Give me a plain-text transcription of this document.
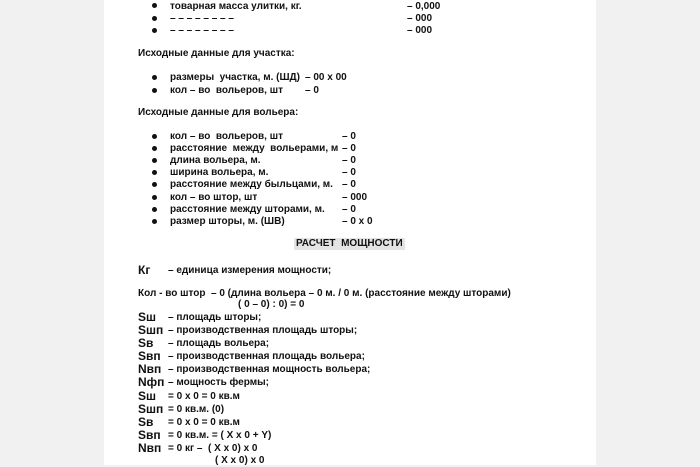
товарная масса улитки, кг.	– 0,000
– – – – – – – –	– 000
– – – – – – – –	– 000
Исходные данные для участка:
размеры  участка, м. (ШД) – 00 х 00
кол – во  вольеров, шт – 0
Исходные данные для вольера:
кол – во  вольеров, шт	– 0
расстояние  между  вольерами, м – 0
длина вольера, м.	– 0
ширина вольера, м.	– 0
расстояние между быльцами, м. – 0
кол – во штор, шт	– 000
расстояние между шторами, м. – 0
размер шторы, м. (ШВ)	– 0 х 0
РАСЧЕТ  МОЩНОСТИ
Кг – единица измерения мощности;
Кол - во штор  – 0 (длина вольера – 0 м. / 0 м. (расстояние между шторами)
( 0 – 0) : 0) = 0
Sш – площадь шторы;
Sшп – производственная площадь шторы;
Sв – площадь вольера;
Sвп – производственная площадь вольера;
Nвп – производственная мощность вольера;
Nфп – мощность фермы;
Sш = 0 х 0 = 0 кв.м
Sшп = 0 кв.м. (0)
Sв = 0 х 0 = 0 кв.м
Sвп = 0 кв.м. = ( Х х 0 + Y)
Nвп = 0 кг –  ( Х х 0) х 0
( Х х 0) х 0
